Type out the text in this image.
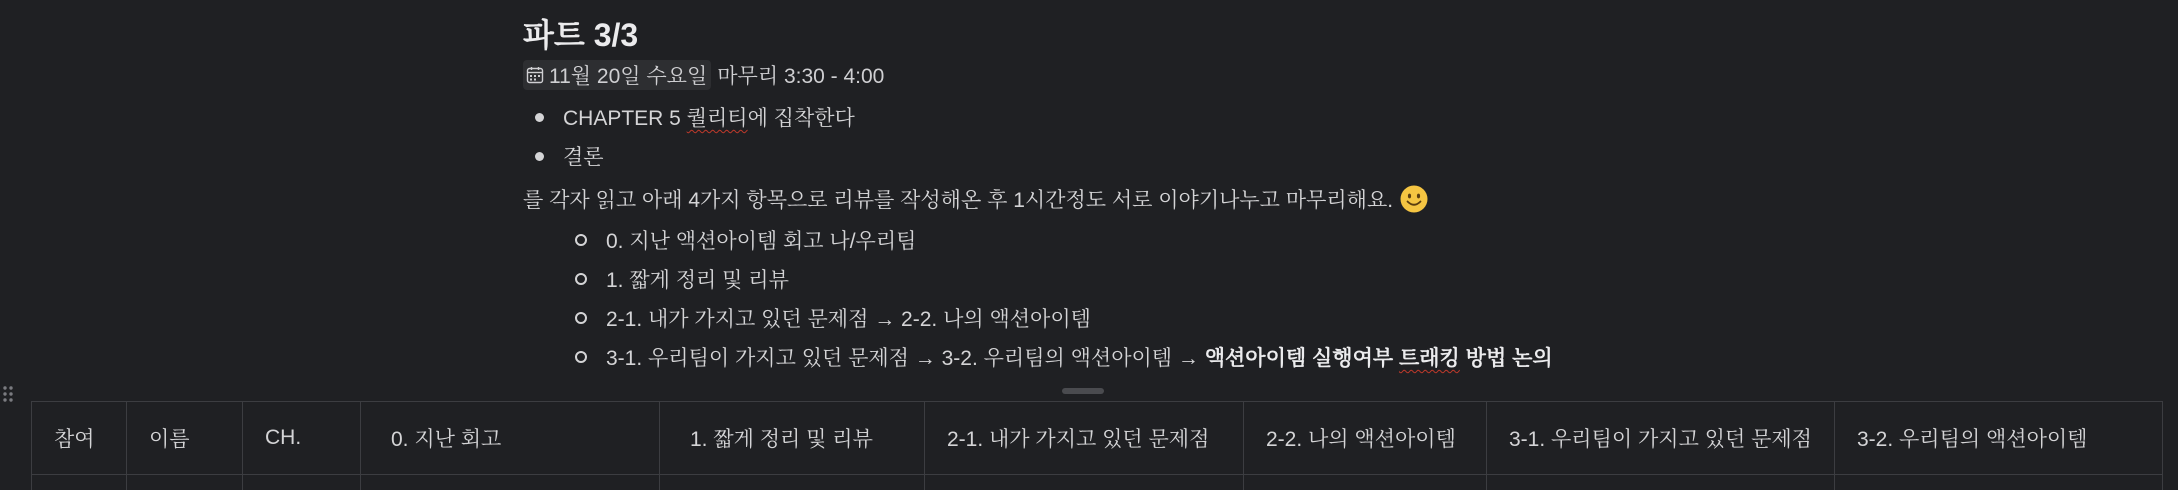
파트 3/3
11월 20일 수요일 마무리 3:30 - 4:00
CHAPTER 5 퀄리티에 집착한다
결론
를 각자 읽고 아래 4가지 항목으로 리뷰를 작성해온 후 1시간정도 서로 이야기나누고 마무리해요.
0. 지난 액션아이템 회고 나/우리팀
1. 짧게 정리 및 리뷰
2-1. 내가 가지고 있던 문제점 → 2-2. 나의 액션아이템
3-1. 우리팀이 가지고 있던 문제점 → 3-2. 우리팀의 액션아이템 → 액션아이템 실행여부 트래킹 방법 논의
참여	이름	CH.	0. 지난 회고	1. 짧게 정리 및 리뷰	2-1. 내가 가지고 있던 문제점	2-2. 나의 액션아이템	3-1. 우리팀이 가지고 있던 문제점	3-2. 우리팀의 액션아이템
